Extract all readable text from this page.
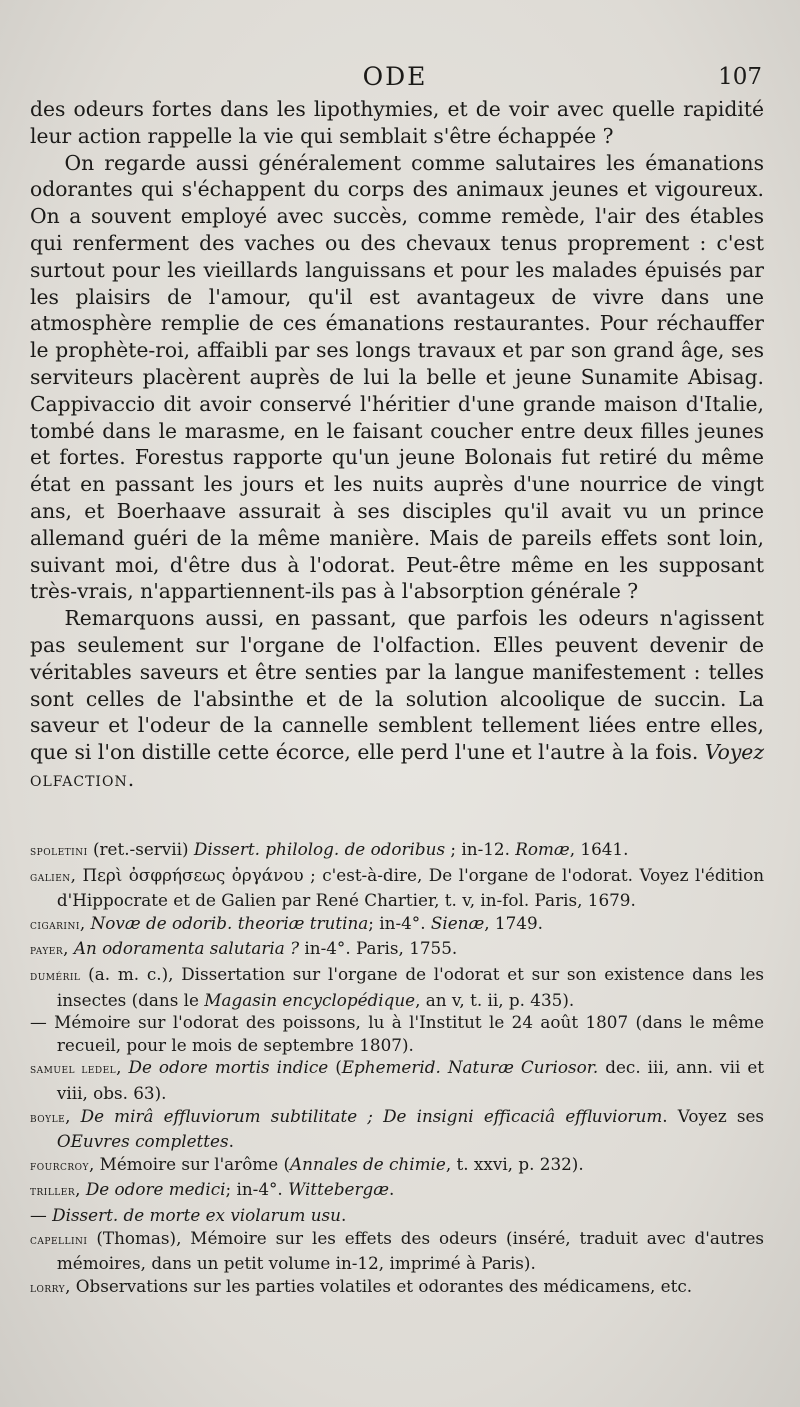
ODE	107

des odeurs fortes dans les lipothymies, et de voir avec quelle rapidité leur action rappelle la vie qui semblait s'être échappée ?

On regarde aussi généralement comme salutaires les émanations odorantes qui s'échappent du corps des animaux jeunes et vigoureux. On a souvent employé avec succès, comme remède, l'air des étables qui renferment des vaches ou des chevaux tenus proprement : c'est surtout pour les vieillards languissans et pour les malades épuisés par les plaisirs de l'amour, qu'il est avantageux de vivre dans une atmosphère remplie de ces émanations restaurantes. Pour réchauffer le prophète-roi, affaibli par ses longs travaux et par son grand âge, ses serviteurs placèrent auprès de lui la belle et jeune Sunamite Abisag. Cappivaccio dit avoir conservé l'héritier d'une grande maison d'Italie, tombé dans le marasme, en le faisant coucher entre deux filles jeunes et fortes. Forestus rapporte qu'un jeune Bolonais fut retiré du même état en passant les jours et les nuits auprès d'une nourrice de vingt ans, et Boerhaave assurait à ses disciples qu'il avait vu un prince allemand guéri de la même manière. Mais de pareils effets sont loin, suivant moi, d'être dus à l'odorat. Peut-être même en les supposant très-vrais, n'appartiennent-ils pas à l'absorption générale ?

Remarquons aussi, en passant, que parfois les odeurs n'agissent pas seulement sur l'organe de l'olfaction. Elles peuvent devenir de véritables saveurs et être senties par la langue manifestement : telles sont celles de l'absinthe et de la solution alcoolique de succin. La saveur et l'odeur de la cannelle semblent tellement liées entre elles, que si l'on distille cette écorce, elle perd l'une et l'autre à la fois. Voyez olfaction.

spoletini (ret.-servii) Dissert. philolog. de odoribus ; in-12. Romæ, 1641.
galien, Περὶ ὀσφρήσεως ὀργάνου ; c'est-à-dire, De l'organe de l'odorat. Voyez l'édition d'Hippocrate et de Galien par René Chartier, t. v, in-fol. Paris, 1679.
cigarini, Novæ de odorib. theoriæ trutina; in-4°. Sienæ, 1749.
payer, An odoramenta salutaria ? in-4°. Paris, 1755.
duméril (a. m. c.), Dissertation sur l'organe de l'odorat et sur son existence dans les insectes (dans le Magasin encyclopédique, an v, t. ii, p. 435).
— Mémoire sur l'odorat des poissons, lu à l'Institut le 24 août 1807 (dans le même recueil, pour le mois de septembre 1807).
samuel ledel, De odore mortis indice (Ephemerid. Naturæ Curiosor. dec. iii, ann. vii et viii, obs. 63).
boyle, De mirâ effluviorum subtilitate ; De insigni efficaciâ effluviorum. Voyez ses OEuvres complettes.
fourcroy, Mémoire sur l'arôme (Annales de chimie, t. xxvi, p. 232).
triller, De odore medici; in-4°. Wittebergæ.
— Dissert. de morte ex violarum usu.
capellini (Thomas), Mémoire sur les effets des odeurs (inséré, traduit avec d'autres mémoires, dans un petit volume in-12, imprimé à Paris).
lorry, Observations sur les parties volatiles et odorantes des médicamens, etc.
